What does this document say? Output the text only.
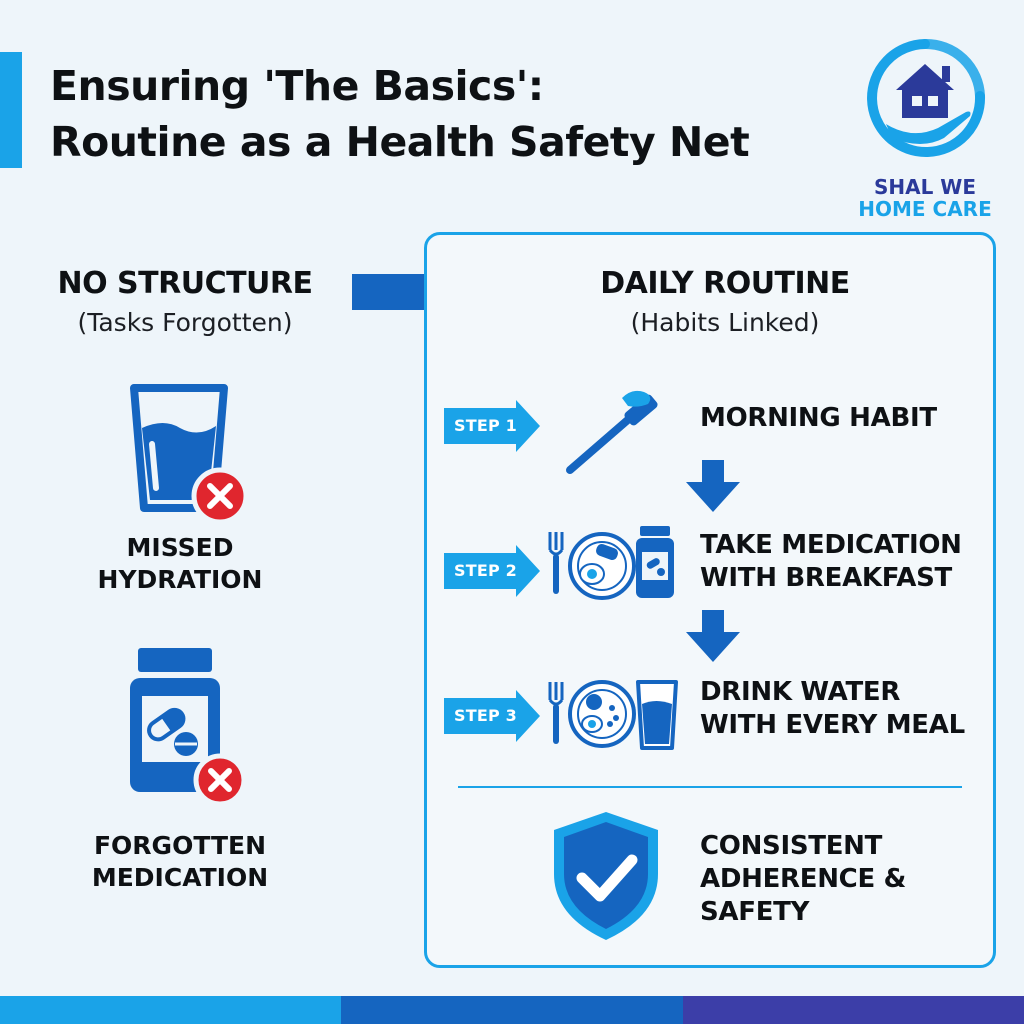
Ensuring 'The Basics':
Routine as a Health Safety Net
SHAL WE
HOME CARE
NO STRUCTURE
(Tasks Forgotten)
MISSED
HYDRATION
FORGOTTEN
MEDICATION
DAILY ROUTINE
(Habits Linked)
STEP 1	MORNING HABIT
STEP 2
TAKE MEDICATION
WITH BREAKFAST
STEP 3
DRINK WATER
WITH EVERY MEAL
CONSISTENT
ADHERENCE &
SAFETY
